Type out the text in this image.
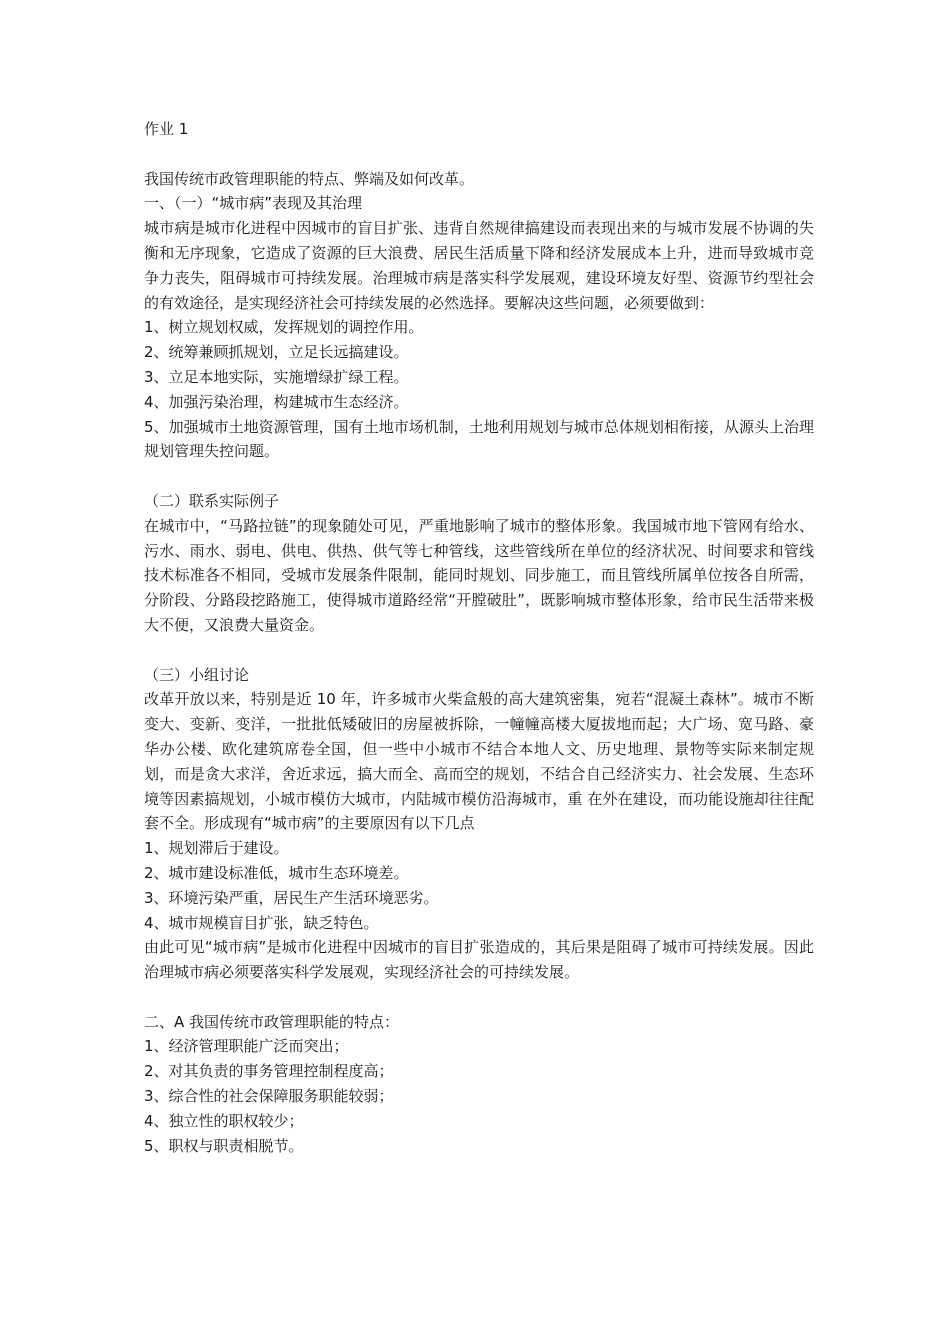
作业 1

我国传统市政管理职能的特点、弊端及如何改革。

一、（一）“城市病”表现及其治理

城市病是城市化进程中因城市的盲目扩张、违背自然规律搞建设而表现出来的与城市发展不协调的失衡和无序现象，它造成了资源的巨大浪费、居民生活质量下降和经济发展成本上升，进而导致城市竞争力丧失，阻碍城市可持续发展。治理城市病是落实科学发展观，建设环境友好型、资源节约型社会的有效途径，是实现经济社会可持续发展的必然选择。要解决这些问题，必须要做到：

1、树立规划权威，发挥规划的调控作用。

2、统筹兼顾抓规划，立足长远搞建设。

3、立足本地实际，实施增绿扩绿工程。

4、加强污染治理，构建城市生态经济。

5、加强城市土地资源管理，国有土地市场机制，土地利用规划与城市总体规划相衔接，从源头上治理规划管理失控问题。

（二）联系实际例子

在城市中，“马路拉链”的现象随处可见，严重地影响了城市的整体形象。我国城市地下管网有给水、污水、雨水、弱电、供电、供热、供气等七种管线，这些管线所在单位的经济状况、时间要求和管线技术标准各不相同，受城市发展条件限制，能同时规划、同步施工，而且管线所属单位按各自所需，分阶段、分路段挖路施工，使得城市道路经常“开膛破肚”，既影响城市整体形象，给市民生活带来极大不便，又浪费大量资金。

（三）小组讨论

改革开放以来，特别是近 10 年，许多城市火柴盒般的高大建筑密集，宛若“混凝土森林”。城市不断变大、变新、变洋，一批批低矮破旧的房屋被拆除，一幢幢高楼大厦拔地而起；大广场、宽马路、豪华办公楼、欧化建筑席卷全国，但一些中小城市不结合本地人文、历史地理、景物等实际来制定规划，而是贪大求洋，舍近求远，搞大而全、高而空的规划，不结合自己经济实力、社会发展、生态环境等因素搞规划，小城市模仿大城市，内陆城市模仿沿海城市，重 在外在建设，而功能设施却往往配套不全。形成现有“城市病”的主要原因有以下几点

1、规划滞后于建设。

2、城市建设标准低，城市生态环境差。

3、环境污染严重，居民生产生活环境恶劣。

4、城市规模盲目扩张，缺乏特色。

由此可见“城市病”是城市化进程中因城市的盲目扩张造成的，其后果是阻碍了城市可持续发展。因此治理城市病必须要落实科学发展观，实现经济社会的可持续发展。

二、A 我国传统市政管理职能的特点：

1、经济管理职能广泛而突出；

2、对其负责的事务管理控制程度高；

3、综合性的社会保障服务职能较弱；

4、独立性的职权较少；

5、职权与职责相脱节。
